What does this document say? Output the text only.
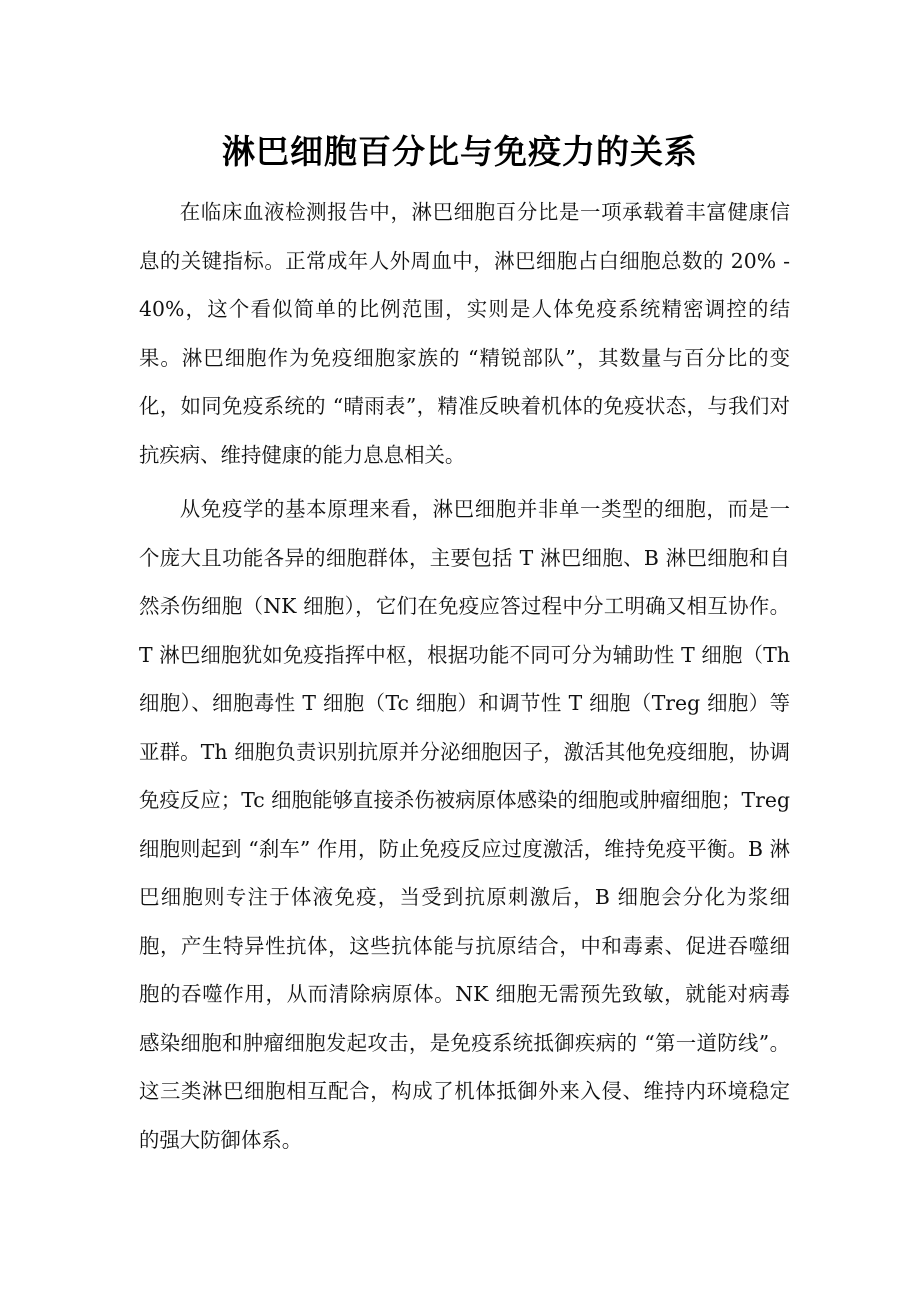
淋巴细胞百分比与免疫力的关系

在临床血液检测报告中，淋巴细胞百分比是一项承载着丰富健康信息的关键指标。正常成年人外周血中，淋巴细胞占白细胞总数的 20% - 40%，这个看似简单的比例范围，实则是人体免疫系统精密调控的结果。淋巴细胞作为免疫细胞家族的 “精锐部队”，其数量与百分比的变化，如同免疫系统的 “晴雨表”，精准反映着机体的免疫状态，与我们对抗疾病、维持健康的能力息息相关。

从免疫学的基本原理来看，淋巴细胞并非单一类型的细胞，而是一个庞大且功能各异的细胞群体，主要包括 T 淋巴细胞、B 淋巴细胞和自然杀伤细胞（NK 细胞），它们在免疫应答过程中分工明确又相互协作。T 淋巴细胞犹如免疫指挥中枢，根据功能不同可分为辅助性 T 细胞（Th 细胞）、细胞毒性 T 细胞（Tc 细胞）和调节性 T 细胞（Treg 细胞）等亚群。Th 细胞负责识别抗原并分泌细胞因子，激活其他免疫细胞，协调免疫反应；Tc 细胞能够直接杀伤被病原体感染的细胞或肿瘤细胞；Treg 细胞则起到 “刹车” 作用，防止免疫反应过度激活，维持免疫平衡。B 淋巴细胞则专注于体液免疫，当受到抗原刺激后，B 细胞会分化为浆细胞，产生特异性抗体，这些抗体能与抗原结合，中和毒素、促进吞噬细胞的吞噬作用，从而清除病原体。NK 细胞无需预先致敏，就能对病毒感染细胞和肿瘤细胞发起攻击，是免疫系统抵御疾病的 “第一道防线”。这三类淋巴细胞相互配合，构成了机体抵御外来入侵、维持内环境稳定的强大防御体系。
